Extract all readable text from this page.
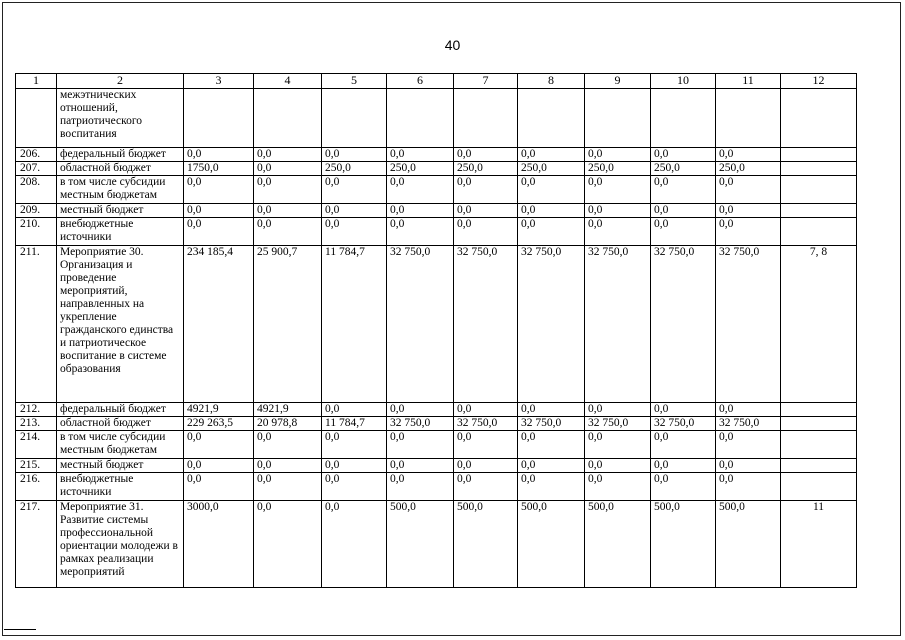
40
1	2	3	4	5	6	7	8	9	10	11	12
	межэтнических отношений, патриотического воспитания										
206.	федеральный бюджет	0,0	0,0	0,0	0,0	0,0	0,0	0,0	0,0	0,0	
207.	областной бюджет	1750,0	0,0	250,0	250,0	250,0	250,0	250,0	250,0	250,0	
208.	в том числе субсидии местным бюджетам	0,0	0,0	0,0	0,0	0,0	0,0	0,0	0,0	0,0	
209.	местный бюджет	0,0	0,0	0,0	0,0	0,0	0,0	0,0	0,0	0,0	
210.	внебюджетные источники	0,0	0,0	0,0	0,0	0,0	0,0	0,0	0,0	0,0	
211.	Мероприятие 30. Организация и проведение мероприятий, направленных на укрепление гражданского единства и патриотическое воспитание в системе образования	234 185,4	25 900,7	11 784,7	32 750,0	32 750,0	32 750,0	32 750,0	32 750,0	32 750,0	7, 8
212.	федеральный бюджет	4921,9	4921,9	0,0	0,0	0,0	0,0	0,0	0,0	0,0	
213.	областной бюджет	229 263,5	20 978,8	11 784,7	32 750,0	32 750,0	32 750,0	32 750,0	32 750,0	32 750,0	
214.	в том числе субсидии местным бюджетам	0,0	0,0	0,0	0,0	0,0	0,0	0,0	0,0	0,0	
215.	местный бюджет	0,0	0,0	0,0	0,0	0,0	0,0	0,0	0,0	0,0	
216.	внебюджетные источники	0,0	0,0	0,0	0,0	0,0	0,0	0,0	0,0	0,0	
217.	Мероприятие 31. Развитие системы профессиональной ориентации молодежи в рамках реализации мероприятий	3000,0	0,0	0,0	500,0	500,0	500,0	500,0	500,0	500,0	11
